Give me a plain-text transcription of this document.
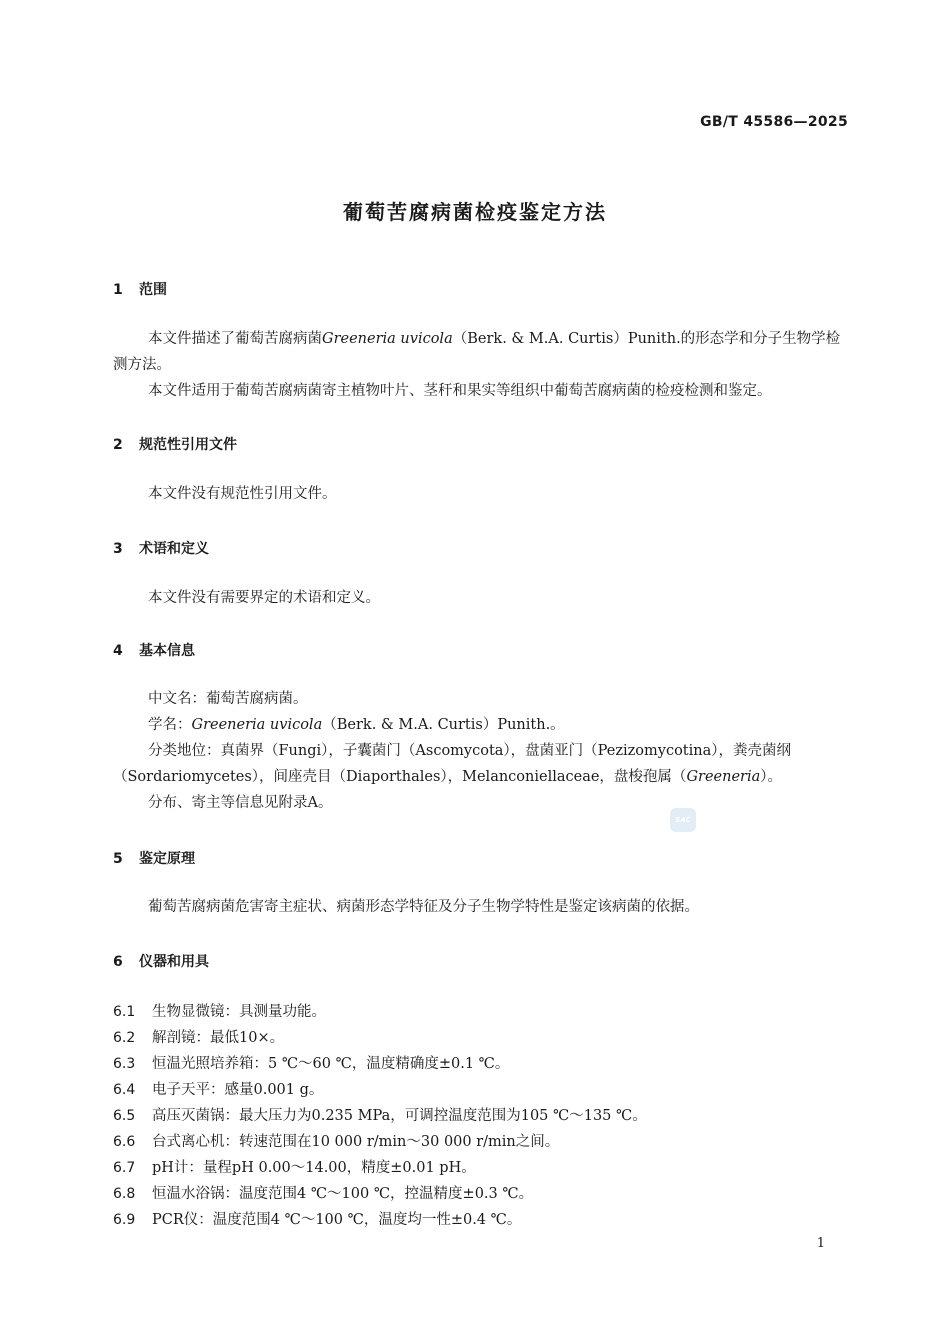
GB/T 45586—2025
葡萄苦腐病菌检疫鉴定方法
1 范围
本文件描述了葡萄苦腐病菌Greeneria uvicola（Berk. & M.A. Curtis）Punith.的形态学和分子生物学检测方法。
本文件适用于葡萄苦腐病菌寄主植物叶片、茎秆和果实等组织中葡萄苦腐病菌的检疫检测和鉴定。
2 规范性引用文件
本文件没有规范性引用文件。
3 术语和定义
本文件没有需要界定的术语和定义。
4 基本信息
中文名：葡萄苦腐病菌。
学名：Greeneria uvicola（Berk. & M.A. Curtis）Punith.。
分类地位：真菌界（Fungi），子囊菌门（Ascomycota），盘菌亚门（Pezizomycotina），粪壳菌纲（Sordariomycetes），间座壳目（Diaporthales），Melanconiellaceae，盘梭孢属（Greeneria）。
分布、寄主等信息见附录A。
SAC
5 鉴定原理
葡萄苦腐病菌危害寄主症状、病菌形态学特征及分子生物学特性是鉴定该病菌的依据。
6 仪器和用具
6.1 生物显微镜：具测量功能。
6.2 解剖镜：最低10×。
6.3 恒温光照培养箱：5 ℃～60 ℃，温度精确度±0.1 ℃。
6.4 电子天平：感量0.001 g。
6.5 高压灭菌锅：最大压力为0.235 MPa，可调控温度范围为105 ℃～135 ℃。
6.6 台式离心机：转速范围在10 000 r/min～30 000 r/min之间。
6.7 pH计：量程pH 0.00～14.00，精度±0.01 pH。
6.8 恒温水浴锅：温度范围4 ℃～100 ℃，控温精度±0.3 ℃。
6.9 PCR仪：温度范围4 ℃～100 ℃，温度均一性±0.4 ℃。
1
